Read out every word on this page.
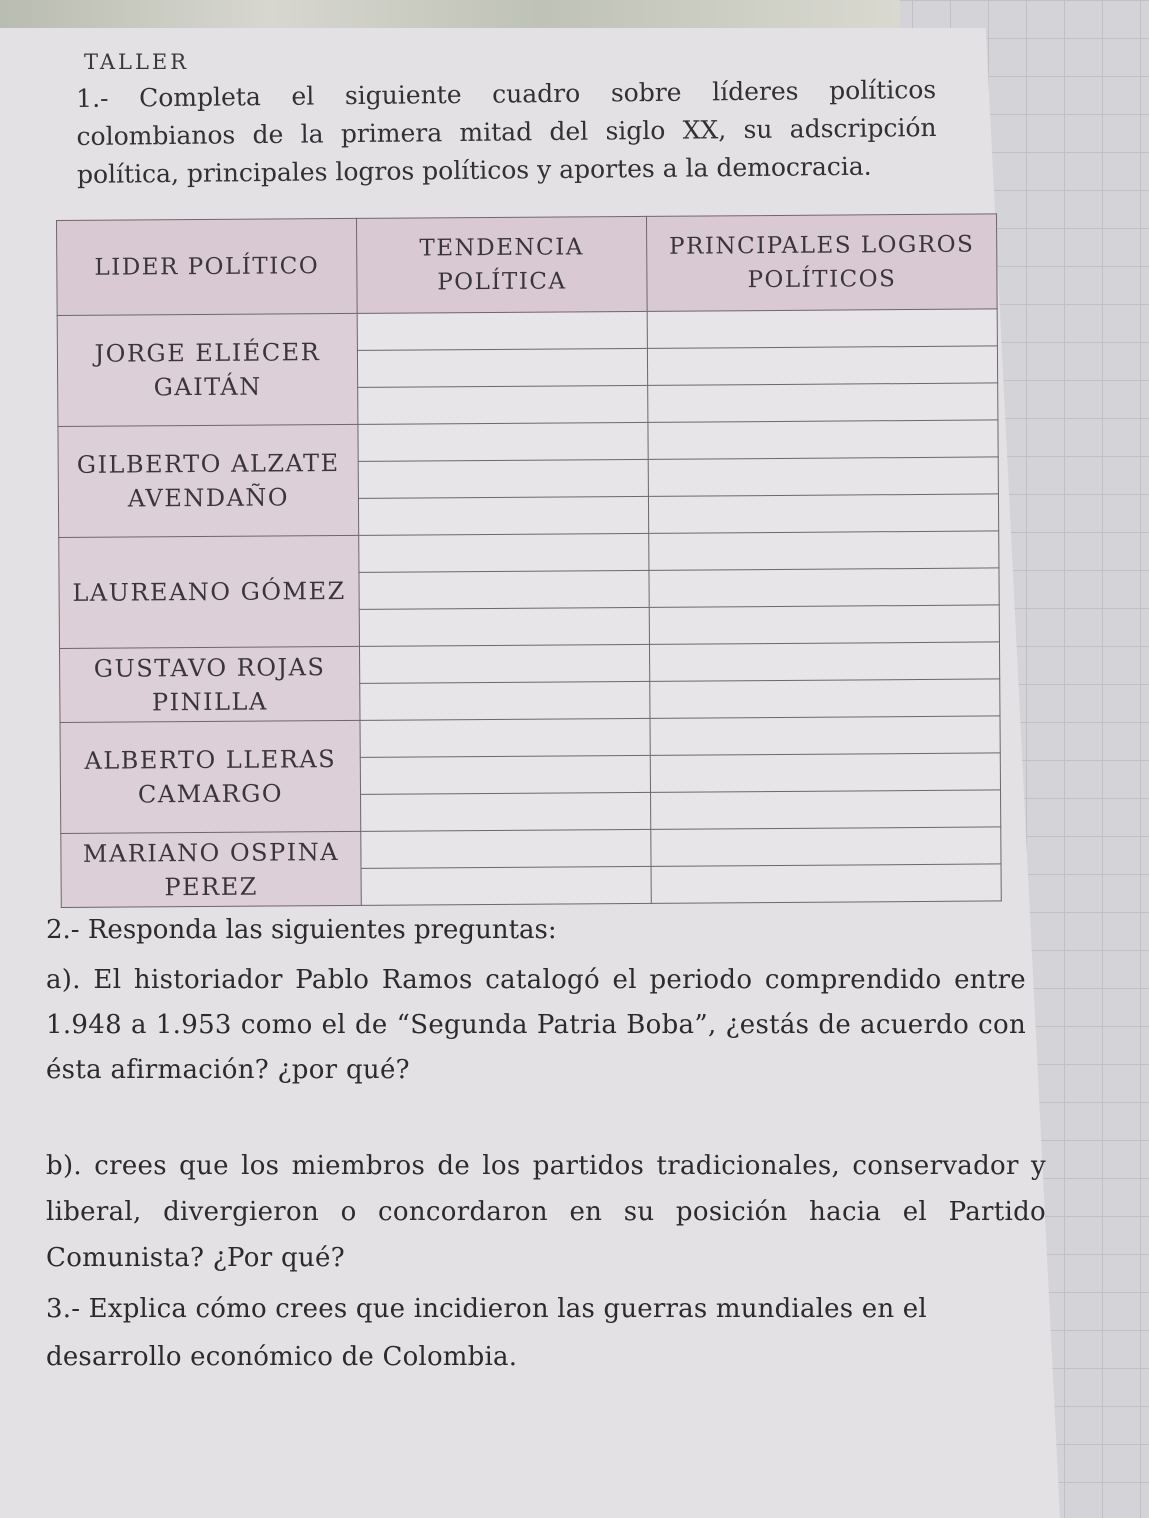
TALLER
1.- Completa el siguiente cuadro sobre líderes políticos colombianos de la primera mitad del siglo XX, su adscripción política, principales logros políticos y aportes a la democracia.
LIDER POLÍTICO	TENDENCIA POLÍTICA	PRINCIPALES LOGROS POLÍTICOS
JORGE ELIÉCER GAITÁN		

GILBERTO ALZATE AVENDAÑO		

LAUREANO GÓMEZ		

GUSTAVO ROJAS PINILLA		

ALBERTO LLERAS CAMARGO		

MARIANO OSPINA PEREZ		

2.- Responda las siguientes preguntas:
a). El historiador Pablo Ramos catalogó el periodo comprendido entre 1.948 a 1.953 como el de “Segunda Patria Boba”, ¿estás de acuerdo con ésta afirmación? ¿por qué?
b). crees que los miembros de los partidos tradicionales, conservador y liberal, divergieron o concordaron en su posición hacia el Partido Comunista? ¿Por qué?
3.- Explica cómo crees que incidieron las guerras mundiales en el desarrollo económico de Colombia.
